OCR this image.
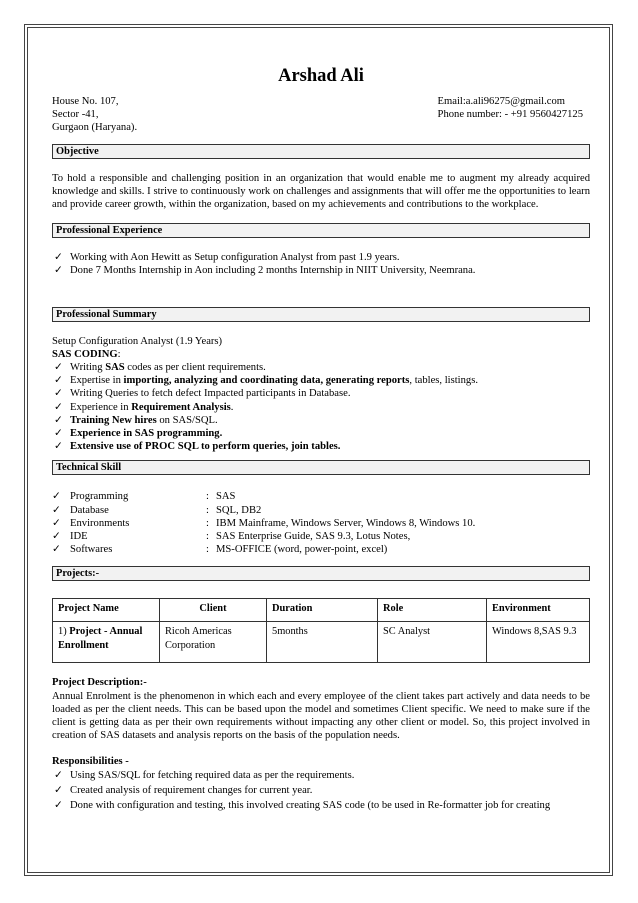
Arshad Ali
House No. 107,
Sector -41,
Gurgaon (Haryana).
Email:a.ali96275@gmail.com
Phone number: - +91 9560427125
Objective
To hold a responsible and challenging position in an organization that would enable me to augment my already acquired knowledge and skills. I strive to continuously work on challenges and assignments that will offer me the opportunities to learn and provide career growth, within the organization, based on my achievements and contributions to the workplace.
Professional Experience
✓ Working with Aon Hewitt as Setup configuration Analyst from past 1.9 years.
✓ Done 7 Months Internship in Aon including 2 months Internship in NIIT University, Neemrana.
Professional Summary
Setup Configuration Analyst (1.9 Years)
SAS CODING:
✓ Writing SAS codes as per client requirements.
✓ Expertise in importing, analyzing and coordinating data, generating reports, tables, listings.
✓ Writing Queries to fetch defect Impacted participants in Database.
✓ Experience in Requirement Analysis.
✓ Training New hires on SAS/SQL.
✓ Experience in SAS programming.
✓ Extensive use of PROC SQL to perform queries, join tables.
Technical Skill
✓ Programming	: SAS
✓ Database	: SQL, DB2
✓ Environments	: IBM Mainframe, Windows Server, Windows 8, Windows 10.
✓ IDE	: SAS Enterprise Guide, SAS 9.3, Lotus Notes,
✓ Softwares	: MS-OFFICE (word, power-point, excel)
Projects:-
Project Name	Client	Duration	Role	Environment
1) Project - Annual Enrollment	Ricoh Americas Corporation	5months	SC Analyst	Windows 8,SAS 9.3
Project Description:-
Annual Enrolment is the phenomenon in which each and every employee of the client takes part actively and data needs to be loaded as per the client needs. This can be based upon the model and sometimes Client specific. We need to make sure if the client is getting data as per their own requirements without impacting any other client or model. So, this project involved in creation of SAS datasets and analysis reports on the basis of the population needs.
Responsibilities -
✓ Using SAS/SQL for fetching required data as per the requirements.
✓ Created analysis of requirement changes for current year.
✓ Done with configuration and testing, this involved creating SAS code (to be used in Re-formatter job for creating
